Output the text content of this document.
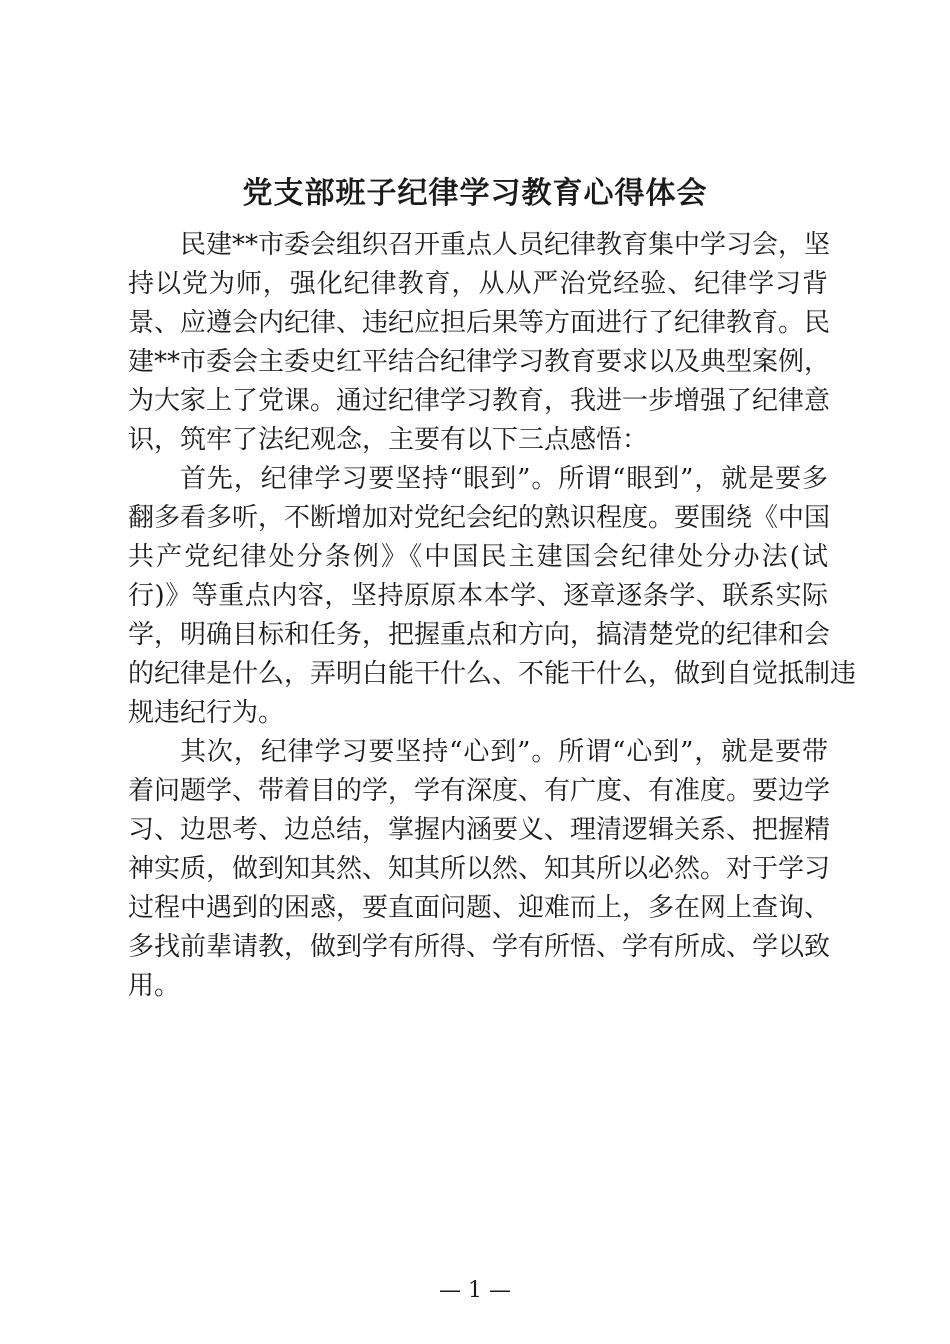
党支部班子纪律学习教育心得体会

民建**市委会组织召开重点人员纪律教育集中学习会，坚
持以党为师，强化纪律教育，从从严治党经验、纪律学习背
景、应遵会内纪律、违纪应担后果等方面进行了纪律教育。民
建**市委会主委史红平结合纪律学习教育要求以及典型案例，
为大家上了党课。通过纪律学习教育，我进一步增强了纪律意
识，筑牢了法纪观念，主要有以下三点感悟：

首先，纪律学习要坚持“眼到”。所谓“眼到”，就是要多
翻多看多听，不断增加对党纪会纪的熟识程度。要围绕《中国
共产党纪律处分条例》《中国民主建国会纪律处分办法(试
行)》等重点内容，坚持原原本本学、逐章逐条学、联系实际
学，明确目标和任务，把握重点和方向，搞清楚党的纪律和会
的纪律是什么，弄明白能干什么、不能干什么，做到自觉抵制违
规违纪行为。

其次，纪律学习要坚持“心到”。所谓“心到”，就是要带
着问题学、带着目的学，学有深度、有广度、有准度。要边学
习、边思考、边总结，掌握内涵要义、理清逻辑关系、把握精
神实质，做到知其然、知其所以然、知其所以必然。对于学习
过程中遇到的困惑，要直面问题、迎难而上，多在网上查询、
多找前辈请教，做到学有所得、学有所悟、学有所成、学以致
用。

— 1 —
